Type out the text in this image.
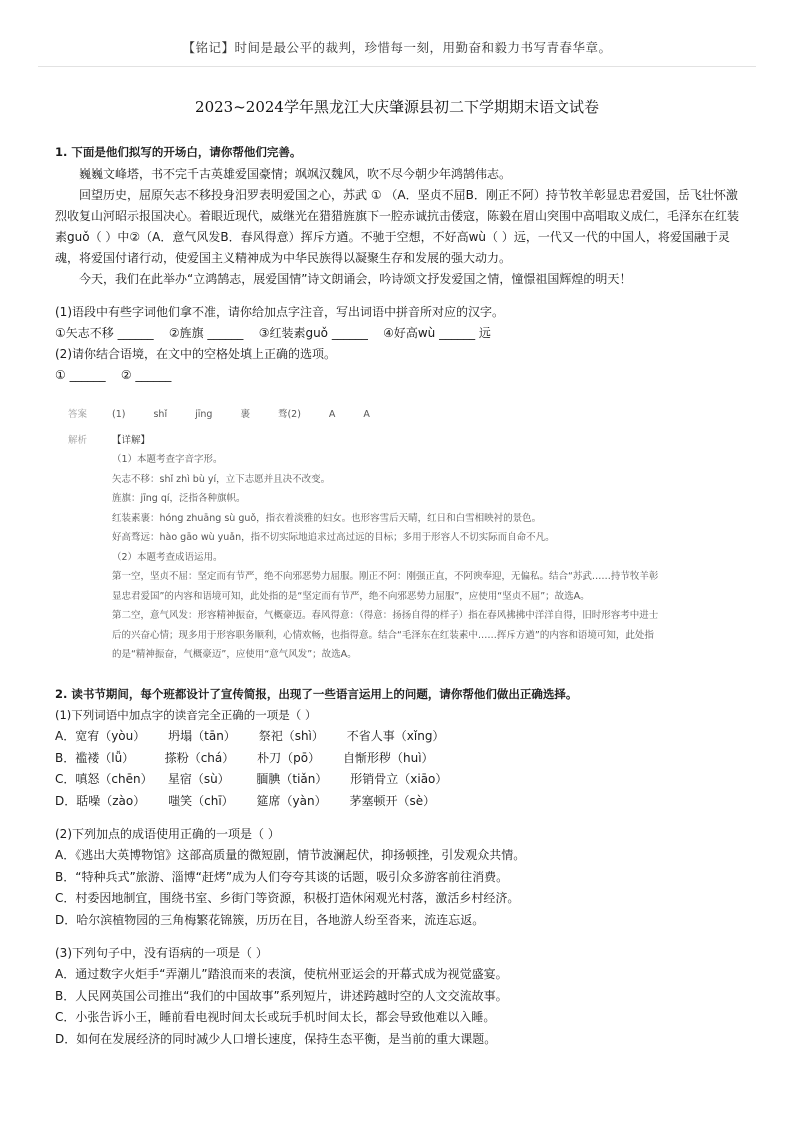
【铭记】时间是最公平的裁判，珍惜每一刻，用勤奋和毅力书写青春华章。
2023~2024学年黑龙江大庆肇源县初二下学期期末语文试卷

1. 下面是他们拟写的开场白，请你帮他们完善。

巍巍文峰塔，书不完千古英雄爱国豪情；飒飒汉魏风，吹不尽今朝少年鸿鹄伟志。

回望历史，屈原矢志不移投身汨罗表明爱国之心，苏武 ① （A．坚贞不屈B．刚正不阿）持节牧羊彰显忠君爱国，岳飞壮怀激烈收复山河昭示报国决心。着眼近现代，威继光在猎猎旌旗下一腔赤诚抗击倭寇，陈毅在眉山突围中高唱取义成仁，毛泽东在红装素guǒ（ ）中②（A．意气风发B．春风得意）挥斥方遒。不驰于空想，不好高wù（ ）远，一代又一代的中国人，将爱国融于灵魂，将爱国付诸行动，使爱国主义精神成为中华民族得以凝聚生存和发展的强大动力。

今天，我们在此举办“立鸿鹄志，展爱国情”诗文朗诵会，吟诗颂文抒发爱国之情，憧憬祖国辉煌的明天！

(1)语段中有些字词他们拿不准，请你给加点字注音，写出词语中拼音所对应的汉字。

①矢志不移 ______ ②旌旗 ______ ③红装素guǒ ______ ④好高wù ______ 远

(2)请你结合语境，在文中的空格处填上正确的选项。

① ______ ② ______

答案	(1)	shǐ	jīng	裹	骛(2)	A	A
解析	【详解】
（1）本题考查字音字形。
矢志不移：shǐ zhì bù yí，立下志愿并且决不改变。
旌旗：jīng qí，泛指各种旗帜。
红装素裹：hóng zhuāng sù guǒ，指衣着淡雅的妇女。也形容雪后天晴，红日和白雪相映衬的景色。
好高骛远：hào gāo wù yuǎn，指不切实际地追求过高过远的目标；多用于形容人不切实际而自命不凡。
（2）本题考查成语运用。
第一空，坚贞不屈：坚定而有节严，绝不向邪恶势力屈服。刚正不阿：刚强正直，不阿谀奉迎，无偏私。结合“苏武……持节牧羊彰
显忠君爱国”的内容和语境可知，此处指的是“坚定而有节严，绝不向邪恶势力屈服”，应使用“坚贞不屈”；故选A。
第二空，意气风发：形容精神振奋，气概豪迈。春风得意：（得意：扬扬自得的样子）指在春风拂拂中洋洋自得，旧时形容考中进士
后的兴奋心情；现多用于形容职务顺利，心情欢畅，也指得意。结合“毛泽东在红装素中……挥斥方遒”的内容和语境可知，此处指
的是“精神振奋，气概豪迈”，应使用“意气风发”；故选A。

2. 读书节期间，每个班都设计了宣传简报，出现了一些语言运用上的问题，请你帮他们做出正确选择。

(1)下列词语中加点字的读音完全正确的一项是（ ）

A．宽宥（yòu）      坍塌（tān）      祭祀（shì）      不省人事（xǐng）

B．褴褛（lǚ）        搽粉（chá）      朴刀（pō）      自惭形秽（huì）

C．嗔怒（chēn）    星宿（sù）       腼腆（tiǎn）      形销骨立（xiāo）

D．聒噪（zào）      嗤笑（chī）      筵席（yàn）      茅塞顿开（sè）

(2)下列加点的成语使用正确的一项是（ ）

A．《逃出大英博物馆》这部高质量的微短剧，情节波澜起伏，抑扬顿挫，引发观众共情。

B．“特种兵式”旅游、淄博“赶烤”成为人们夸夸其谈的话题，吸引众多游客前往消费。

C．村委因地制宜，围绕书室、乡街门等资源，积极打造休闲观光村落，激活乡村经济。

D．哈尔滨植物园的三角梅繁花锦簇，历历在目，各地游人纷至沓来，流连忘返。

(3)下列句子中，没有语病的一项是（ ）

A．通过数字火炬手“弄潮儿”踏浪而来的表演，使杭州亚运会的开幕式成为视觉盛宴。

B．人民网英国公司推出“我们的中国故事”系列短片，讲述跨越时空的人文交流故事。

C．小张告诉小王，睡前看电视时间太长或玩手机时间太长，都会导致他难以入睡。

D．如何在发展经济的同时减少人口增长速度，保持生态平衡，是当前的重大课题。
